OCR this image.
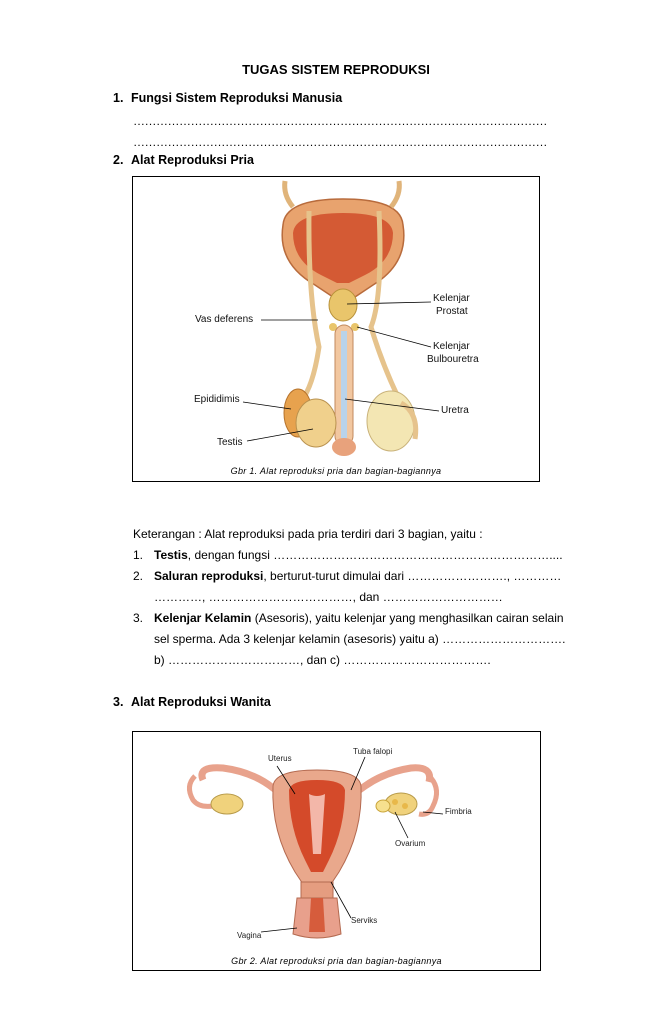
TUGAS SISTEM REPRODUKSI
1. Fungsi Sistem Reproduksi Manusia
………………………………………………………………………………………………
………………………………………………………………………………………………
2. Alat Reproduksi Pria
Vas deferens
Kelenjar
Prostat
Kelenjar
Bulbouretra
Epididimis
Uretra
Testis
Gbr 1. Alat reproduksi pria dan bagian-bagiannya
Keterangan : Alat reproduksi pada pria terdiri dari 3 bagian, yaitu :
1. Testis, dengan fungsi ……………………………………………………………....
2. Saluran reproduksi, berturut-turut dimulai dari ……………………., …………
…………, ………………………………, dan …………………………
3. Kelenjar Kelamin (Asesoris), yaitu kelenjar yang menghasilkan cairan selain
sel sperma. Ada 3 kelenjar kelamin (asesoris) yaitu a) ………………………….
b) ……………………………, dan c) ……………………………….
3. Alat Reproduksi Wanita
Uterus
Tuba falopi
Fimbria
Ovarium
Serviks
Vagina
Gbr 2. Alat reproduksi pria dan bagian-bagiannya
